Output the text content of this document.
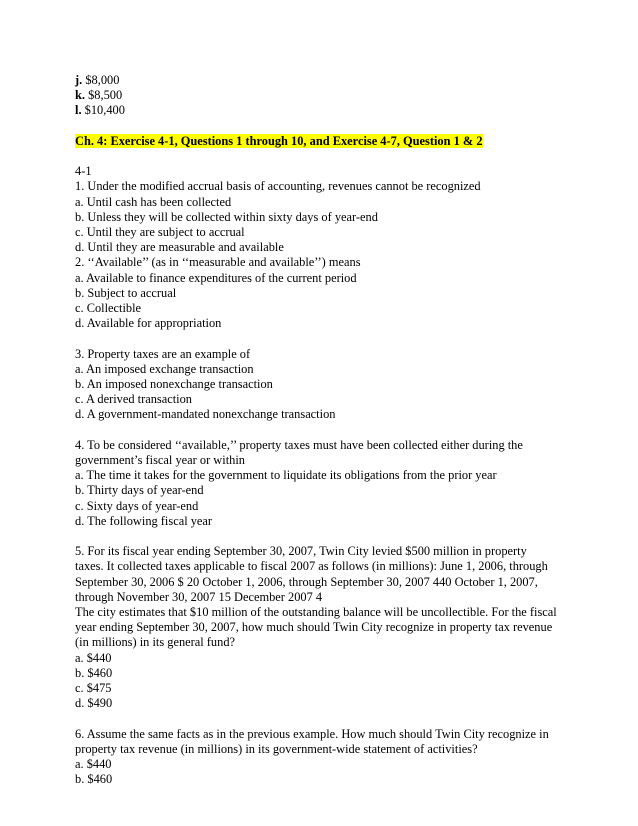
j. $8,000
k. $8,500
l. $10,400
Ch. 4: Exercise 4-1, Questions 1 through 10, and Exercise 4-7, Question 1 & 2
4-1
1. Under the modified accrual basis of accounting, revenues cannot be recognized
a. Until cash has been collected
b. Unless they will be collected within sixty days of year-end
c. Until they are subject to accrual
d. Until they are measurable and available
2. ‘‘Available’’ (as in ‘‘measurable and available’’) means
a. Available to finance expenditures of the current period
b. Subject to accrual
c. Collectible
d. Available for appropriation
3. Property taxes are an example of
a. An imposed exchange transaction
b. An imposed nonexchange transaction
c. A derived transaction
d. A government-mandated nonexchange transaction
4. To be considered ‘‘available,’’ property taxes must have been collected either during the
government’s fiscal year or within
a. The time it takes for the government to liquidate its obligations from the prior year
b. Thirty days of year-end
c. Sixty days of year-end
d. The following fiscal year
5. For its fiscal year ending September 30, 2007, Twin City levied $500 million in property
taxes. It collected taxes applicable to fiscal 2007 as follows (in millions): June 1, 2006, through
September 30, 2006 $ 20 October 1, 2006, through September 30, 2007 440 October 1, 2007,
through November 30, 2007 15 December 2007 4
The city estimates that $10 million of the outstanding balance will be uncollectible. For the fiscal
year ending September 30, 2007, how much should Twin City recognize in property tax revenue
(in millions) in its general fund?
a. $440
b. $460
c. $475
d. $490
6. Assume the same facts as in the previous example. How much should Twin City recognize in
property tax revenue (in millions) in its government-wide statement of activities?
a. $440
b. $460
